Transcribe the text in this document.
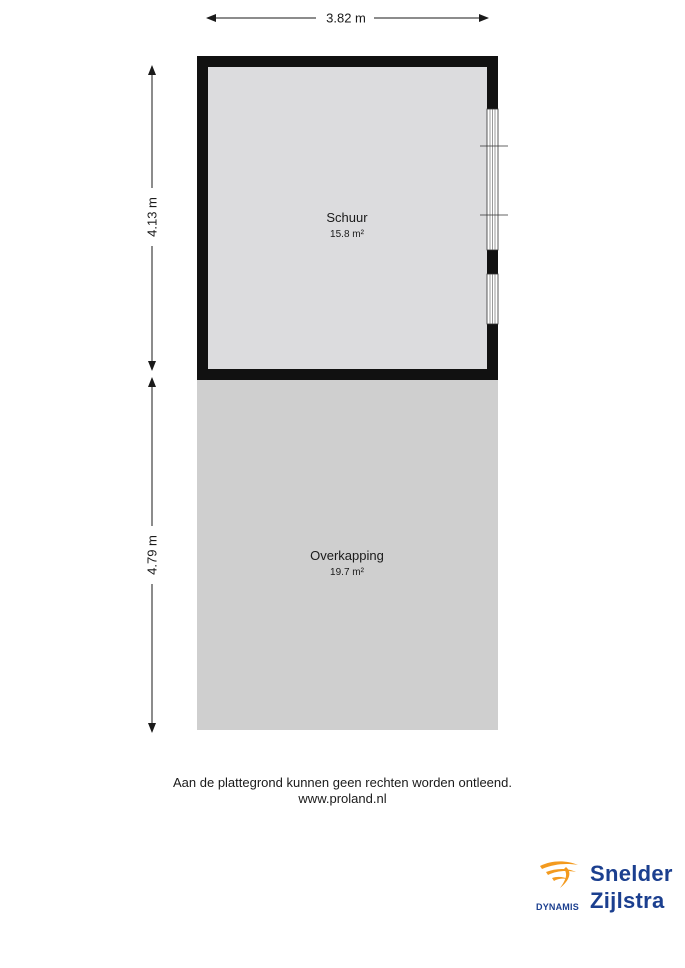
3.82 m
4.13 m
4.79 m
Schuur
15.8 m²
Overkapping
19.7 m²
Aan de plattegrond kunnen geen rechten worden ontleend.
www.proland.nl
Snelder
Zijlstra
DYNAMIS
